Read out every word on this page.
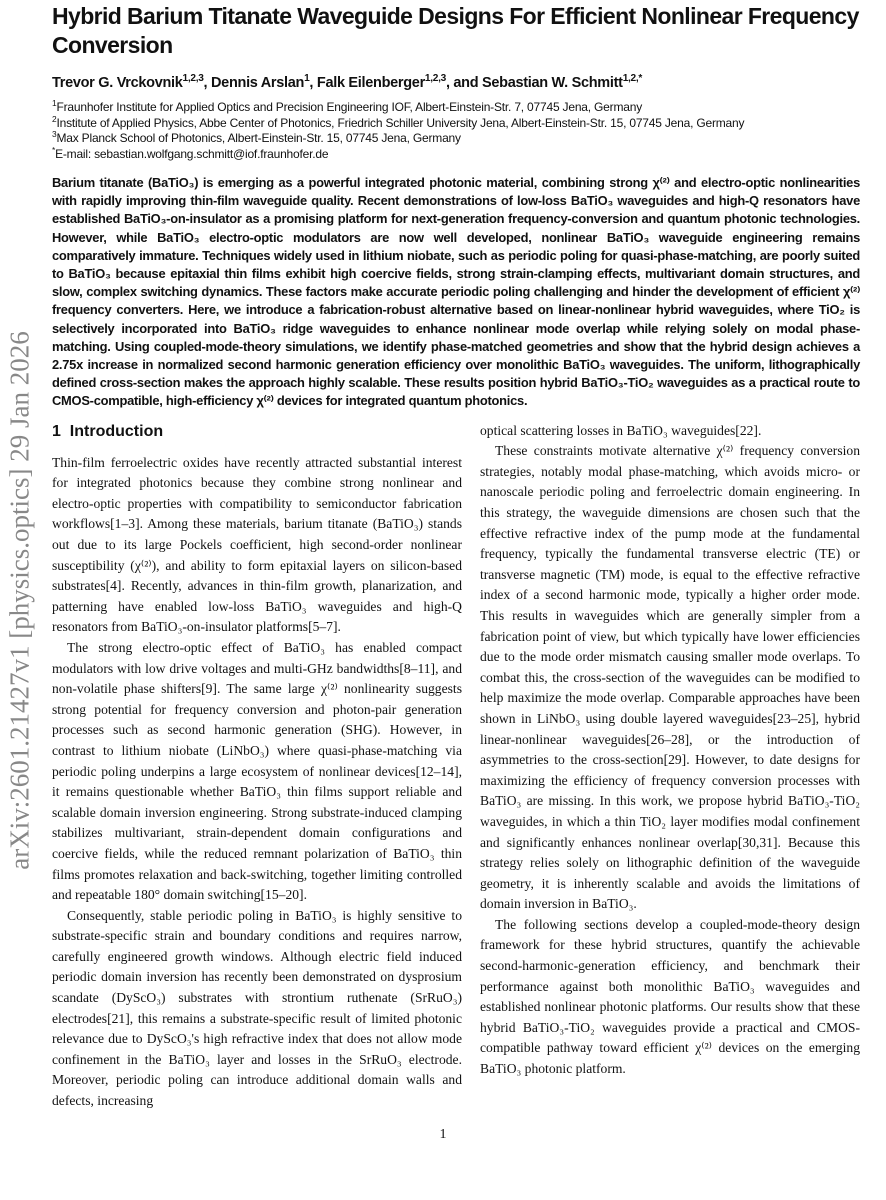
arXiv:2601.21427v1 [physics.optics] 29 Jan 2026
Hybrid Barium Titanate Waveguide Designs For Efficient Nonlinear Frequency Conversion
Trevor G. Vrckovnik$^{1,2,3}$, Dennis Arslan$^1$, Falk Eilenberger$^{1,2,3}$, and Sebastian W. Schmitt$^{1,2,*}$
$^1$Fraunhofer Institute for Applied Optics and Precision Engineering IOF, Albert-Einstein-Str. 7, 07745 Jena, Germany
$^2$Institute of Applied Physics, Abbe Center of Photonics, Friedrich Schiller University Jena, Albert-Einstein-Str. 15, 07745 Jena, Germany
$^3$Max Planck School of Photonics, Albert-Einstein-Str. 15, 07745 Jena, Germany
*E-mail: sebastian.wolfgang.schmitt@iof.fraunhofer.de
Barium titanate (BaTiO₃) is emerging as a powerful integrated photonic material, combining strong χ⁽²⁾ and electro-optic nonlinearities with rapidly improving thin-film waveguide quality. Recent demonstrations of low-loss BaTiO₃ waveguides and high-Q resonators have established BaTiO₃-on-insulator as a promising platform for next-generation frequency-conversion and quantum photonic technologies. However, while BaTiO₃ electro-optic modulators are now well developed, nonlinear BaTiO₃ waveguide engineering remains comparatively immature. Techniques widely used in lithium niobate, such as periodic poling for quasi-phase-matching, are poorly suited to BaTiO₃ because epitaxial thin films exhibit high coercive fields, strong strain-clamping effects, multivariant domain structures, and slow, complex switching dynamics. These factors make accurate periodic poling challenging and hinder the development of efficient χ⁽²⁾ frequency converters. Here, we introduce a fabrication-robust alternative based on linear-nonlinear hybrid waveguides, where TiO₂ is selectively incorporated into BaTiO₃ ridge waveguides to enhance nonlinear mode overlap while relying solely on modal phase-matching. Using coupled-mode-theory simulations, we identify phase-matched geometries and show that the hybrid design achieves a 2.75x increase in normalized second harmonic generation efficiency over monolithic BaTiO₃ waveguides. The uniform, lithographically defined cross-section makes the approach highly scalable. These results position hybrid BaTiO₃-TiO₂ waveguides as a practical route to CMOS-compatible, high-efficiency χ⁽²⁾ devices for integrated quantum photonics.
1 Introduction

Thin-film ferroelectric oxides have recently attracted substantial interest for integrated photonics because they combine strong nonlinear and electro-optic properties with compatibility to semiconductor fabrication workflows[1–3]. Among these materials, barium titanate (BaTiO₃) stands out due to its large Pockels coefficient, high second-order nonlinear susceptibility (χ⁽²⁾), and ability to form epitaxial layers on silicon-based substrates[4]. Recently, advances in thin-film growth, planarization, and patterning have enabled low-loss BaTiO₃ waveguides and high-Q resonators from BaTiO₃-on-insulator platforms[5–7].

The strong electro-optic effect of BaTiO₃ has enabled compact modulators with low drive voltages and multi-GHz bandwidths[8–11], and non-volatile phase shifters[9]. The same large χ⁽²⁾ nonlinearity suggests strong potential for frequency conversion and photon-pair generation processes such as second harmonic generation (SHG). However, in contrast to lithium niobate (LiNbO₃) where quasi-phase-matching via periodic poling underpins a large ecosystem of nonlinear devices[12–14], it remains questionable whether BaTiO₃ thin films support reliable and scalable domain inversion engineering. Strong substrate-induced clamping stabilizes multivariant, strain-dependent domain configurations and coercive fields, while the reduced remnant polarization of BaTiO₃ thin films promotes relaxation and back-switching, together limiting controlled and repeatable 180° domain switching[15–20].

Consequently, stable periodic poling in BaTiO₃ is highly sensitive to substrate-specific strain and boundary conditions and requires narrow, carefully engineered growth windows. Although electric field induced periodic domain inversion has recently been demonstrated on dysprosium scandate (DyScO₃) substrates with strontium ruthenate (SrRuO₃) electrodes[21], this remains a substrate-specific result of limited photonic relevance due to DyScO₃'s high refractive index that does not allow mode confinement in the BaTiO₃ layer and losses in the SrRuO₃ electrode. Moreover, periodic poling can introduce additional domain walls and defects, increasing

optical scattering losses in BaTiO₃ waveguides[22].

These constraints motivate alternative χ⁽²⁾ frequency conversion strategies, notably modal phase-matching, which avoids micro- or nanoscale periodic poling and ferroelectric domain engineering. In this strategy, the waveguide dimensions are chosen such that the effective refractive index of the pump mode at the fundamental frequency, typically the fundamental transverse electric (TE) or transverse magnetic (TM) mode, is equal to the effective refractive index of a second harmonic mode, typically a higher order mode. This results in waveguides which are generally simpler from a fabrication point of view, but which typically have lower efficiencies due to the mode order mismatch causing smaller mode overlaps. To combat this, the cross-section of the waveguides can be modified to help maximize the mode overlap. Comparable approaches have been shown in LiNbO₃ using double layered waveguides[23–25], hybrid linear-nonlinear waveguides[26–28], or the introduction of asymmetries to the cross-section[29]. However, to date designs for maximizing the efficiency of frequency conversion processes with BaTiO₃ are missing. In this work, we propose hybrid BaTiO₃-TiO₂ waveguides, in which a thin TiO₂ layer modifies modal confinement and significantly enhances nonlinear overlap[30,31]. Because this strategy relies solely on lithographic definition of the waveguide geometry, it is inherently scalable and avoids the limitations of domain inversion in BaTiO₃.

The following sections develop a coupled-mode-theory design framework for these hybrid structures, quantify the achievable second-harmonic-generation efficiency, and benchmark their performance against both monolithic BaTiO₃ waveguides and established nonlinear photonic platforms. Our results show that these hybrid BaTiO₃-TiO₂ waveguides provide a practical and CMOS-compatible pathway toward efficient χ⁽²⁾ devices on the emerging BaTiO₃ photonic platform.

1
